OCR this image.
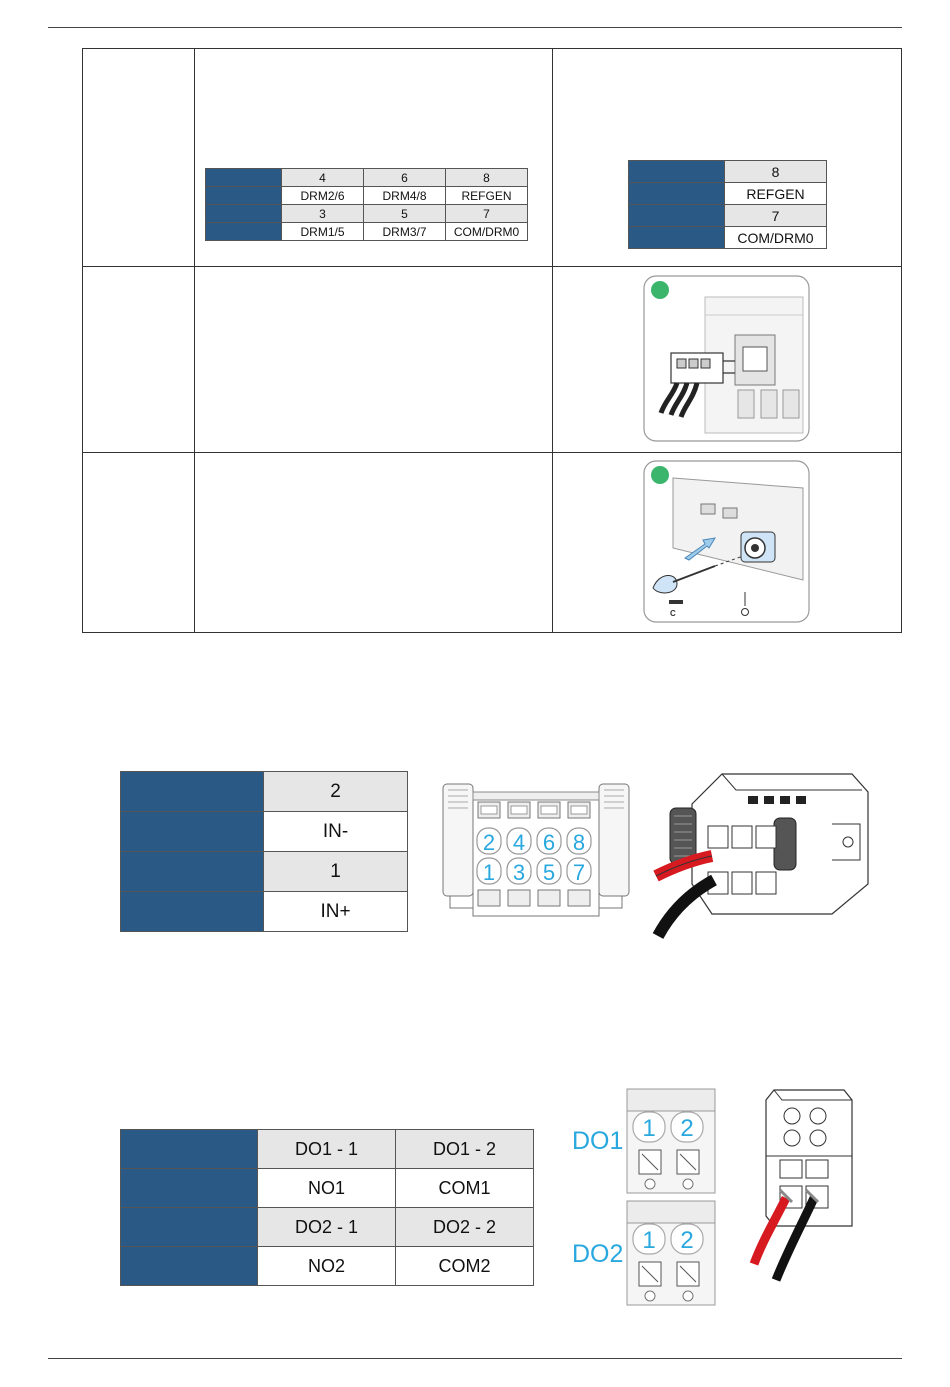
	4	6	8
	DRM2/6	DRM4/8	REFGEN
	3	5	7
	DRM1/5	DRM3/7	COM/DRM0
	8
	REFGEN
	7
	COM/DRM0
C
	2
	IN-
	1
	IN+
2 4 6 8
1 3 5 7
	DO1 - 1	DO1 - 2
	NO1	COM1
	DO2 - 1	DO2 - 2
	NO2	COM2
DO1
DO2
1 2
1 2
